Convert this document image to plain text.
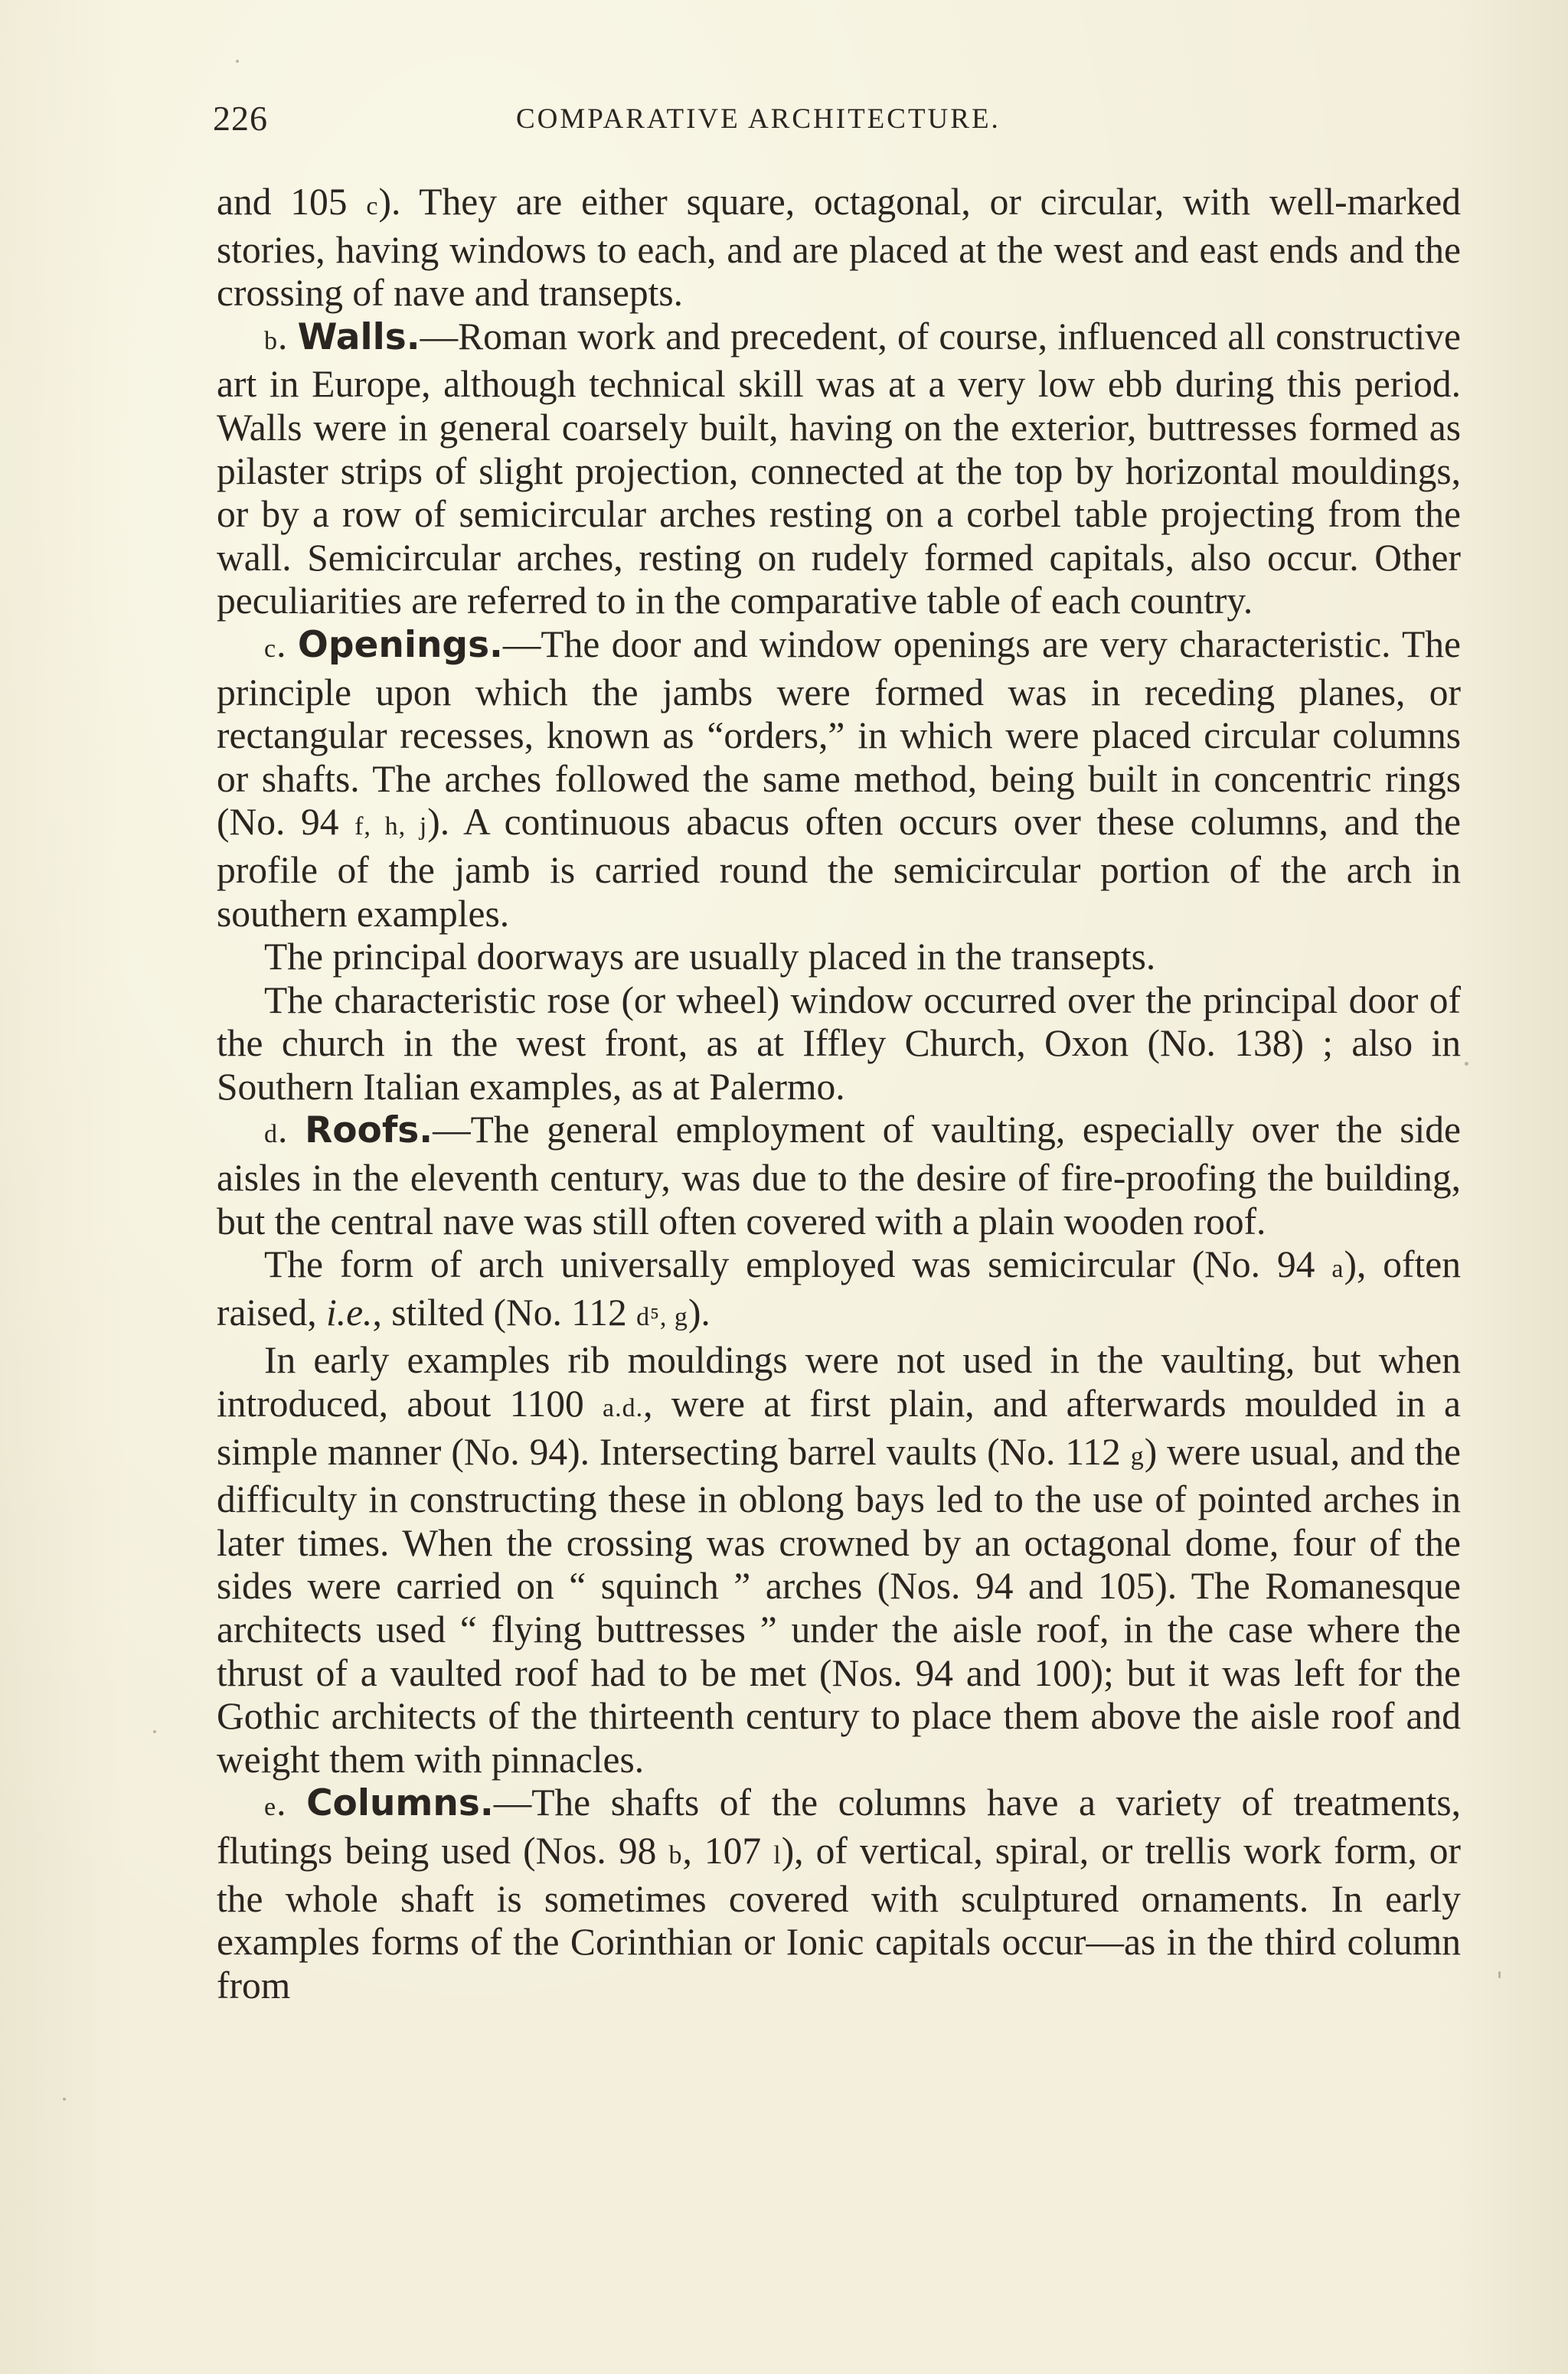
226	COMPARATIVE ARCHITECTURE.

and 105 c). They are either square, octagonal, or circular, with well-marked stories, having windows to each, and are placed at the west and east ends and the crossing of nave and transepts.

b. Walls.—Roman work and precedent, of course, influenced all constructive art in Europe, although technical skill was at a very low ebb during this period. Walls were in general coarsely built, having on the exterior, buttresses formed as pilaster strips of slight projection, connected at the top by horizontal mouldings, or by a row of semicircular arches resting on a corbel table projecting from the wall. Semicircular arches, resting on rudely formed capitals, also occur. Other peculiarities are referred to in the comparative table of each country.

c. Openings.—The door and window openings are very characteristic. The principle upon which the jambs were formed was in receding planes, or rectangular recesses, known as “orders,” in which were placed circular columns or shafts. The arches followed the same method, being built in concentric rings (No. 94 f, h, j). A continuous abacus often occurs over these columns, and the profile of the jamb is carried round the semicircular portion of the arch in southern examples.

The principal doorways are usually placed in the transepts.

The characteristic rose (or wheel) window occurred over the principal door of the church in the west front, as at Iffley Church, Oxon (No. 138) ; also in Southern Italian examples, as at Palermo.

d. Roofs.—The general employment of vaulting, especially over the side aisles in the eleventh century, was due to the desire of fire-proofing the building, but the central nave was still often covered with a plain wooden roof.

The form of arch universally employed was semicircular (No. 94 a), often raised, i.e., stilted (No. 112 d⁵, g).

In early examples rib mouldings were not used in the vaulting, but when introduced, about 1100 a.d., were at first plain, and afterwards moulded in a simple manner (No. 94). Intersecting barrel vaults (No. 112 g) were usual, and the difficulty in constructing these in oblong bays led to the use of pointed arches in later times. When the crossing was crowned by an octagonal dome, four of the sides were carried on “ squinch ” arches (Nos. 94 and 105). The Romanesque architects used “ flying buttresses ” under the aisle roof, in the case where the thrust of a vaulted roof had to be met (Nos. 94 and 100); but it was left for the Gothic architects of the thirteenth century to place them above the aisle roof and weight them with pinnacles.

e. Columns.—The shafts of the columns have a variety of treatments, flutings being used (Nos. 98 b, 107 l), of vertical, spiral, or trellis work form, or the whole shaft is sometimes covered with sculptured ornaments. In early examples forms of the Corinthian or Ionic capitals occur—as in the third column from
